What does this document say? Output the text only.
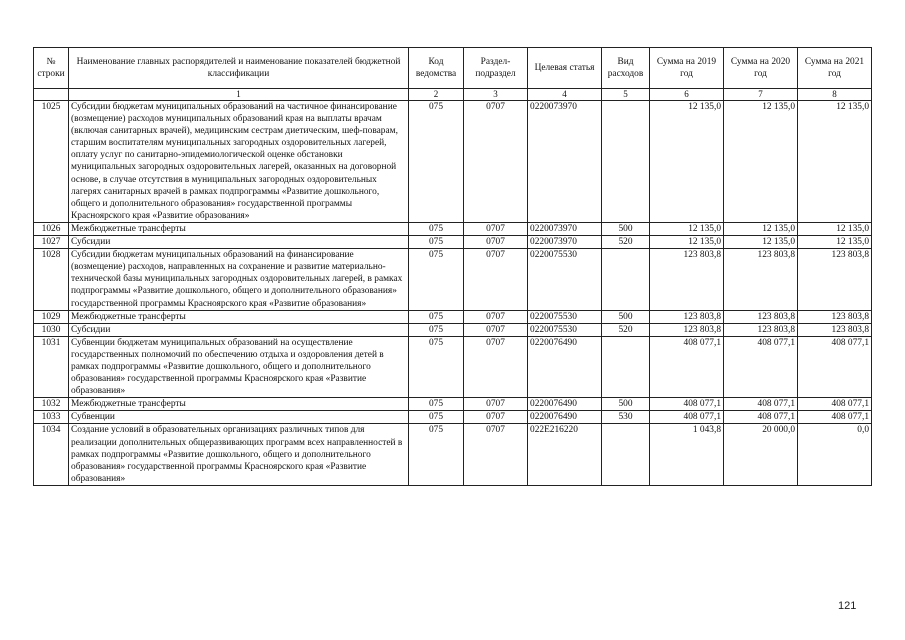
№ строки	Наименование главных распорядителей и наименование показателей бюджетной классификации	Код ведомства	Раздел-подраздел	Целевая статья	Вид расходов	Сумма на 2019 год	Сумма на 2020 год	Сумма на 2021 год
	1	2	3	4	5	6	7	8
1025	Субсидии бюджетам муниципальных образований на частичное финансирование (возмещение) расходов муниципальных образований края на выплаты врачам (включая санитарных врачей), медицинским сестрам диетическим, шеф-поварам, старшим воспитателям муниципальных загородных оздоровительных лагерей, оплату услуг по санитарно-эпидемиологической оценке обстановки муниципальных загородных оздоровительных лагерей, оказанных на договорной основе, в случае отсутствия в муниципальных загородных оздоровительных лагерях санитарных врачей в рамках подпрограммы «Развитие дошкольного, общего и дополнительного образования» государственной программы Красноярского края «Развитие образования»	075	0707	0220073970		12 135,0	12 135,0	12 135,0
1026	Межбюджетные трансферты	075	0707	0220073970	500	12 135,0	12 135,0	12 135,0
1027	Субсидии	075	0707	0220073970	520	12 135,0	12 135,0	12 135,0
1028	Субсидии бюджетам муниципальных образований на финансирование (возмещение) расходов, направленных на сохранение и развитие материально-технической базы муниципальных загородных оздоровительных лагерей, в рамках подпрограммы «Развитие дошкольного, общего и дополнительного образования» государственной программы Красноярского края «Развитие образования»	075	0707	0220075530		123 803,8	123 803,8	123 803,8
1029	Межбюджетные трансферты	075	0707	0220075530	500	123 803,8	123 803,8	123 803,8
1030	Субсидии	075	0707	0220075530	520	123 803,8	123 803,8	123 803,8
1031	Субвенции бюджетам муниципальных образований на осуществление государственных полномочий по обеспечению отдыха и оздоровления детей в рамках подпрограммы «Развитие дошкольного, общего и дополнительного образования» государственной программы Красноярского края «Развитие образования»	075	0707	0220076490		408 077,1	408 077,1	408 077,1
1032	Межбюджетные трансферты	075	0707	0220076490	500	408 077,1	408 077,1	408 077,1
1033	Субвенции	075	0707	0220076490	530	408 077,1	408 077,1	408 077,1
1034	Создание условий в образовательных организациях различных типов для реализации дополнительных общеразвивающих программ всех направленностей в рамках подпрограммы «Развитие дошкольного, общего и дополнительного образования» государственной программы Красноярского края «Развитие образования»	075	0707	022E216220		1 043,8	20 000,0	0,0
121
